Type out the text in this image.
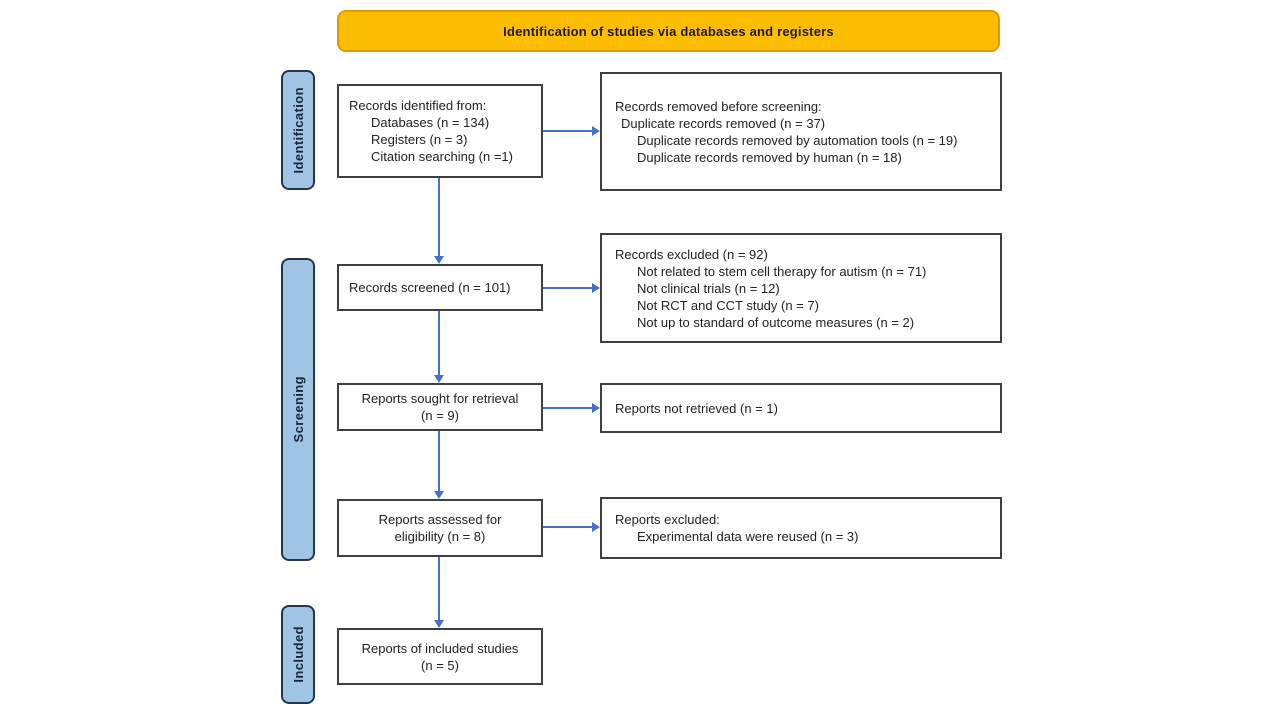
Identification of studies via databases and registers
Identification
Screening
Included
Records identified from:
Databases (n = 134)
Registers (n = 3)
Citation searching (n =1)
Records removed before screening:
Duplicate records removed (n = 37)
Duplicate records removed by automation tools (n = 19)
Duplicate records removed by human (n = 18)
Records screened (n = 101)
Records excluded (n = 92)
Not related to stem cell therapy for autism (n = 71)
Not clinical trials (n = 12)
Not RCT and CCT study (n = 7)
Not up to standard of outcome measures (n = 2)
Reports sought for retrieval
(n = 9)	Reports not retrieved (n = 1)
Reports assessed for
eligibility (n = 8)
Reports excluded:
Experimental data were reused (n = 3)
Reports of included studies
(n = 5)
